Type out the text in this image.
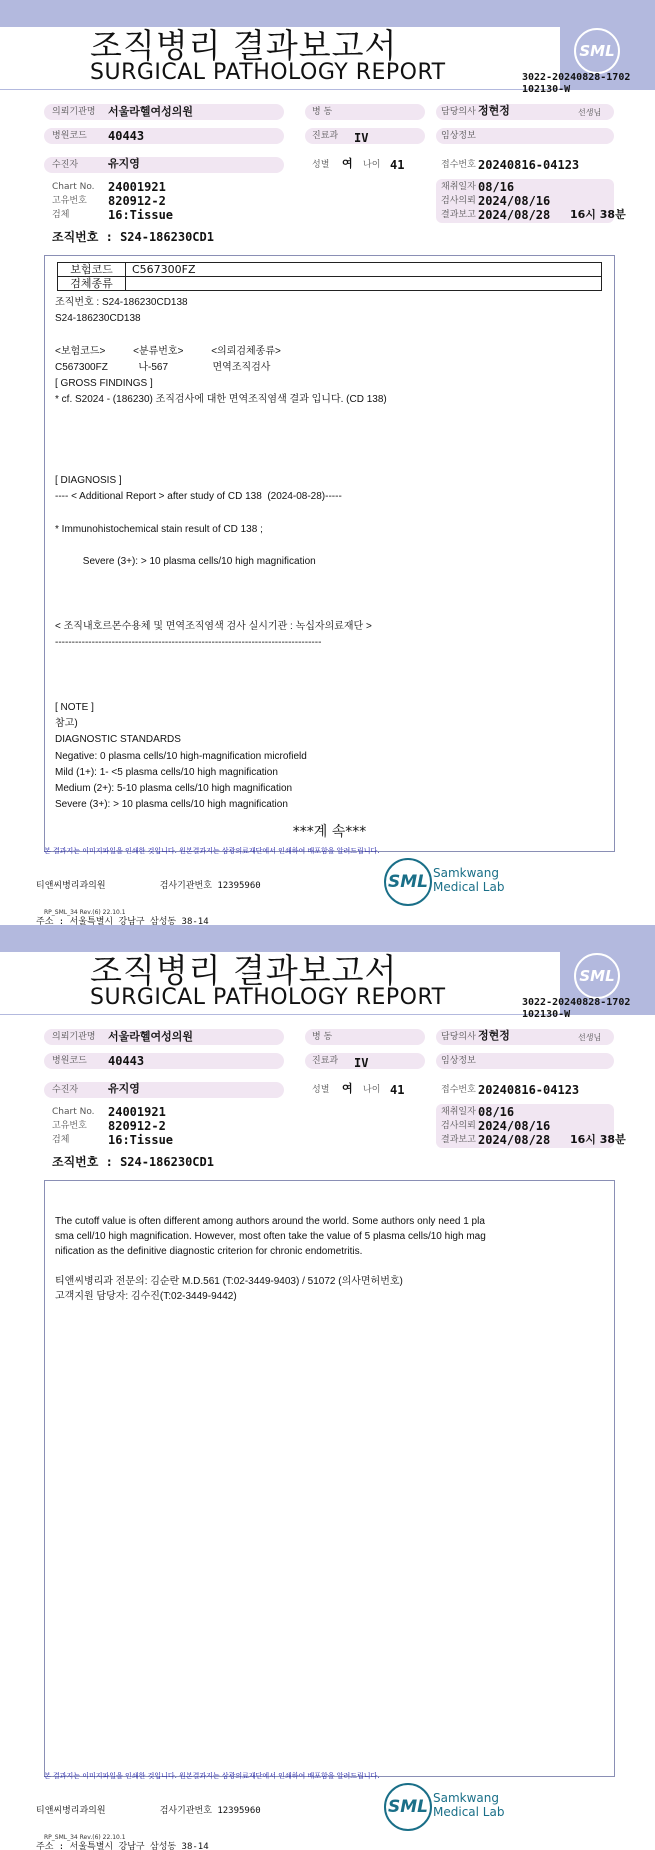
조직병리 결과보고서
SURGICAL PATHOLOGY REPORT
SML
3022-20240828-1702
102130-W
의뢰기관명 서울라헬여성의원	병 동	담당의사 정현정	선생님
병원코드 40443	진료과 IV	임상정보
수진자	유지영	성별 여 나이 41	접수번호 20240816-04123
Chart No. 24001921
고유번호 820912-2
검체	16:Tissue
채취일자 08/16
검사의뢰 2024/08/16
결과보고 2024/08/28 16시 38분
조직번호 : S24-186230CD1
보험코드	C567300FZ
검체종류	
조직번호 : S24-186230CD138
S24-186230CD138
<보험코드>          <분류번호>          <의뢰검체종류>
C567300FZ           나-567                면역조직검사
[ GROSS FINDINGS ]
* cf. S2024 - (186230) 조직검사에 대한 면역조직염색 결과 입니다. (CD 138)
[ DIAGNOSIS ]
---- < Additional Report > after study of CD 138  (2024-08-28)-----
* Immunohistochemical stain result of CD 138 ;
Severe (3+): > 10 plasma cells/10 high magnification
< 조직내호르몬수용체 및 면역조직염색 검사 실시기관 : 녹십자의료재단 >
--------------------------------------------------------------------------------
[ NOTE ]
참고)
DIAGNOSTIC STANDARDS
Negative: 0 plasma cells/10 high-magnification microfield
Mild (1+): 1- <5 plasma cells/10 high magnification
Medium (2+): 5-10 plasma cells/10 high magnification
Severe (3+): > 10 plasma cells/10 high magnification
***계 속***
본 결과지는 이미지파일을 인쇄한 것입니다. 원본결과지는 삼광의료재단에서 인쇄하여 배포함을 알려드립니다.

티앤씨병리과의원          검사기관번호 12395960

주소 : 서울특별시 강남구 삼성동 38-14

SML Samkwang
Medical Lab
RP_SML_34 Rev.(6) 22.10.1
조직병리 결과보고서
SURGICAL PATHOLOGY REPORT
SML
3022-20240828-1702
102130-W
의뢰기관명 서울라헬여성의원	병 동	담당의사 정현정	선생님
병원코드 40443	진료과 IV	임상정보
수진자	유지영	성별 여 나이 41	접수번호 20240816-04123
Chart No. 24001921
고유번호 820912-2
검체	16:Tissue
채취일자 08/16
검사의뢰 2024/08/16
결과보고 2024/08/28 16시 38분
조직번호 : S24-186230CD1
The cutoff value is often different among authors around the world. Some authors only need 1 pla
sma cell/10 high magnification. However, most often take the value of 5 plasma cells/10 high mag
nification as the definitive diagnostic criterion for chronic endometritis.
티앤씨병리과 전문의: 김순란 M.D.561 (T:02-3449-9403) / 51072 (의사면허번호)
고객지원 담당자: 김수진(T:02-3449-9442)
본 결과지는 이미지파일을 인쇄한 것입니다. 원본결과지는 삼광의료재단에서 인쇄하여 배포함을 알려드립니다.

티앤씨병리과의원          검사기관번호 12395960

주소 : 서울특별시 강남구 삼성동 38-14

SML Samkwang
Medical Lab
RP_SML_34 Rev.(6) 22.10.1
